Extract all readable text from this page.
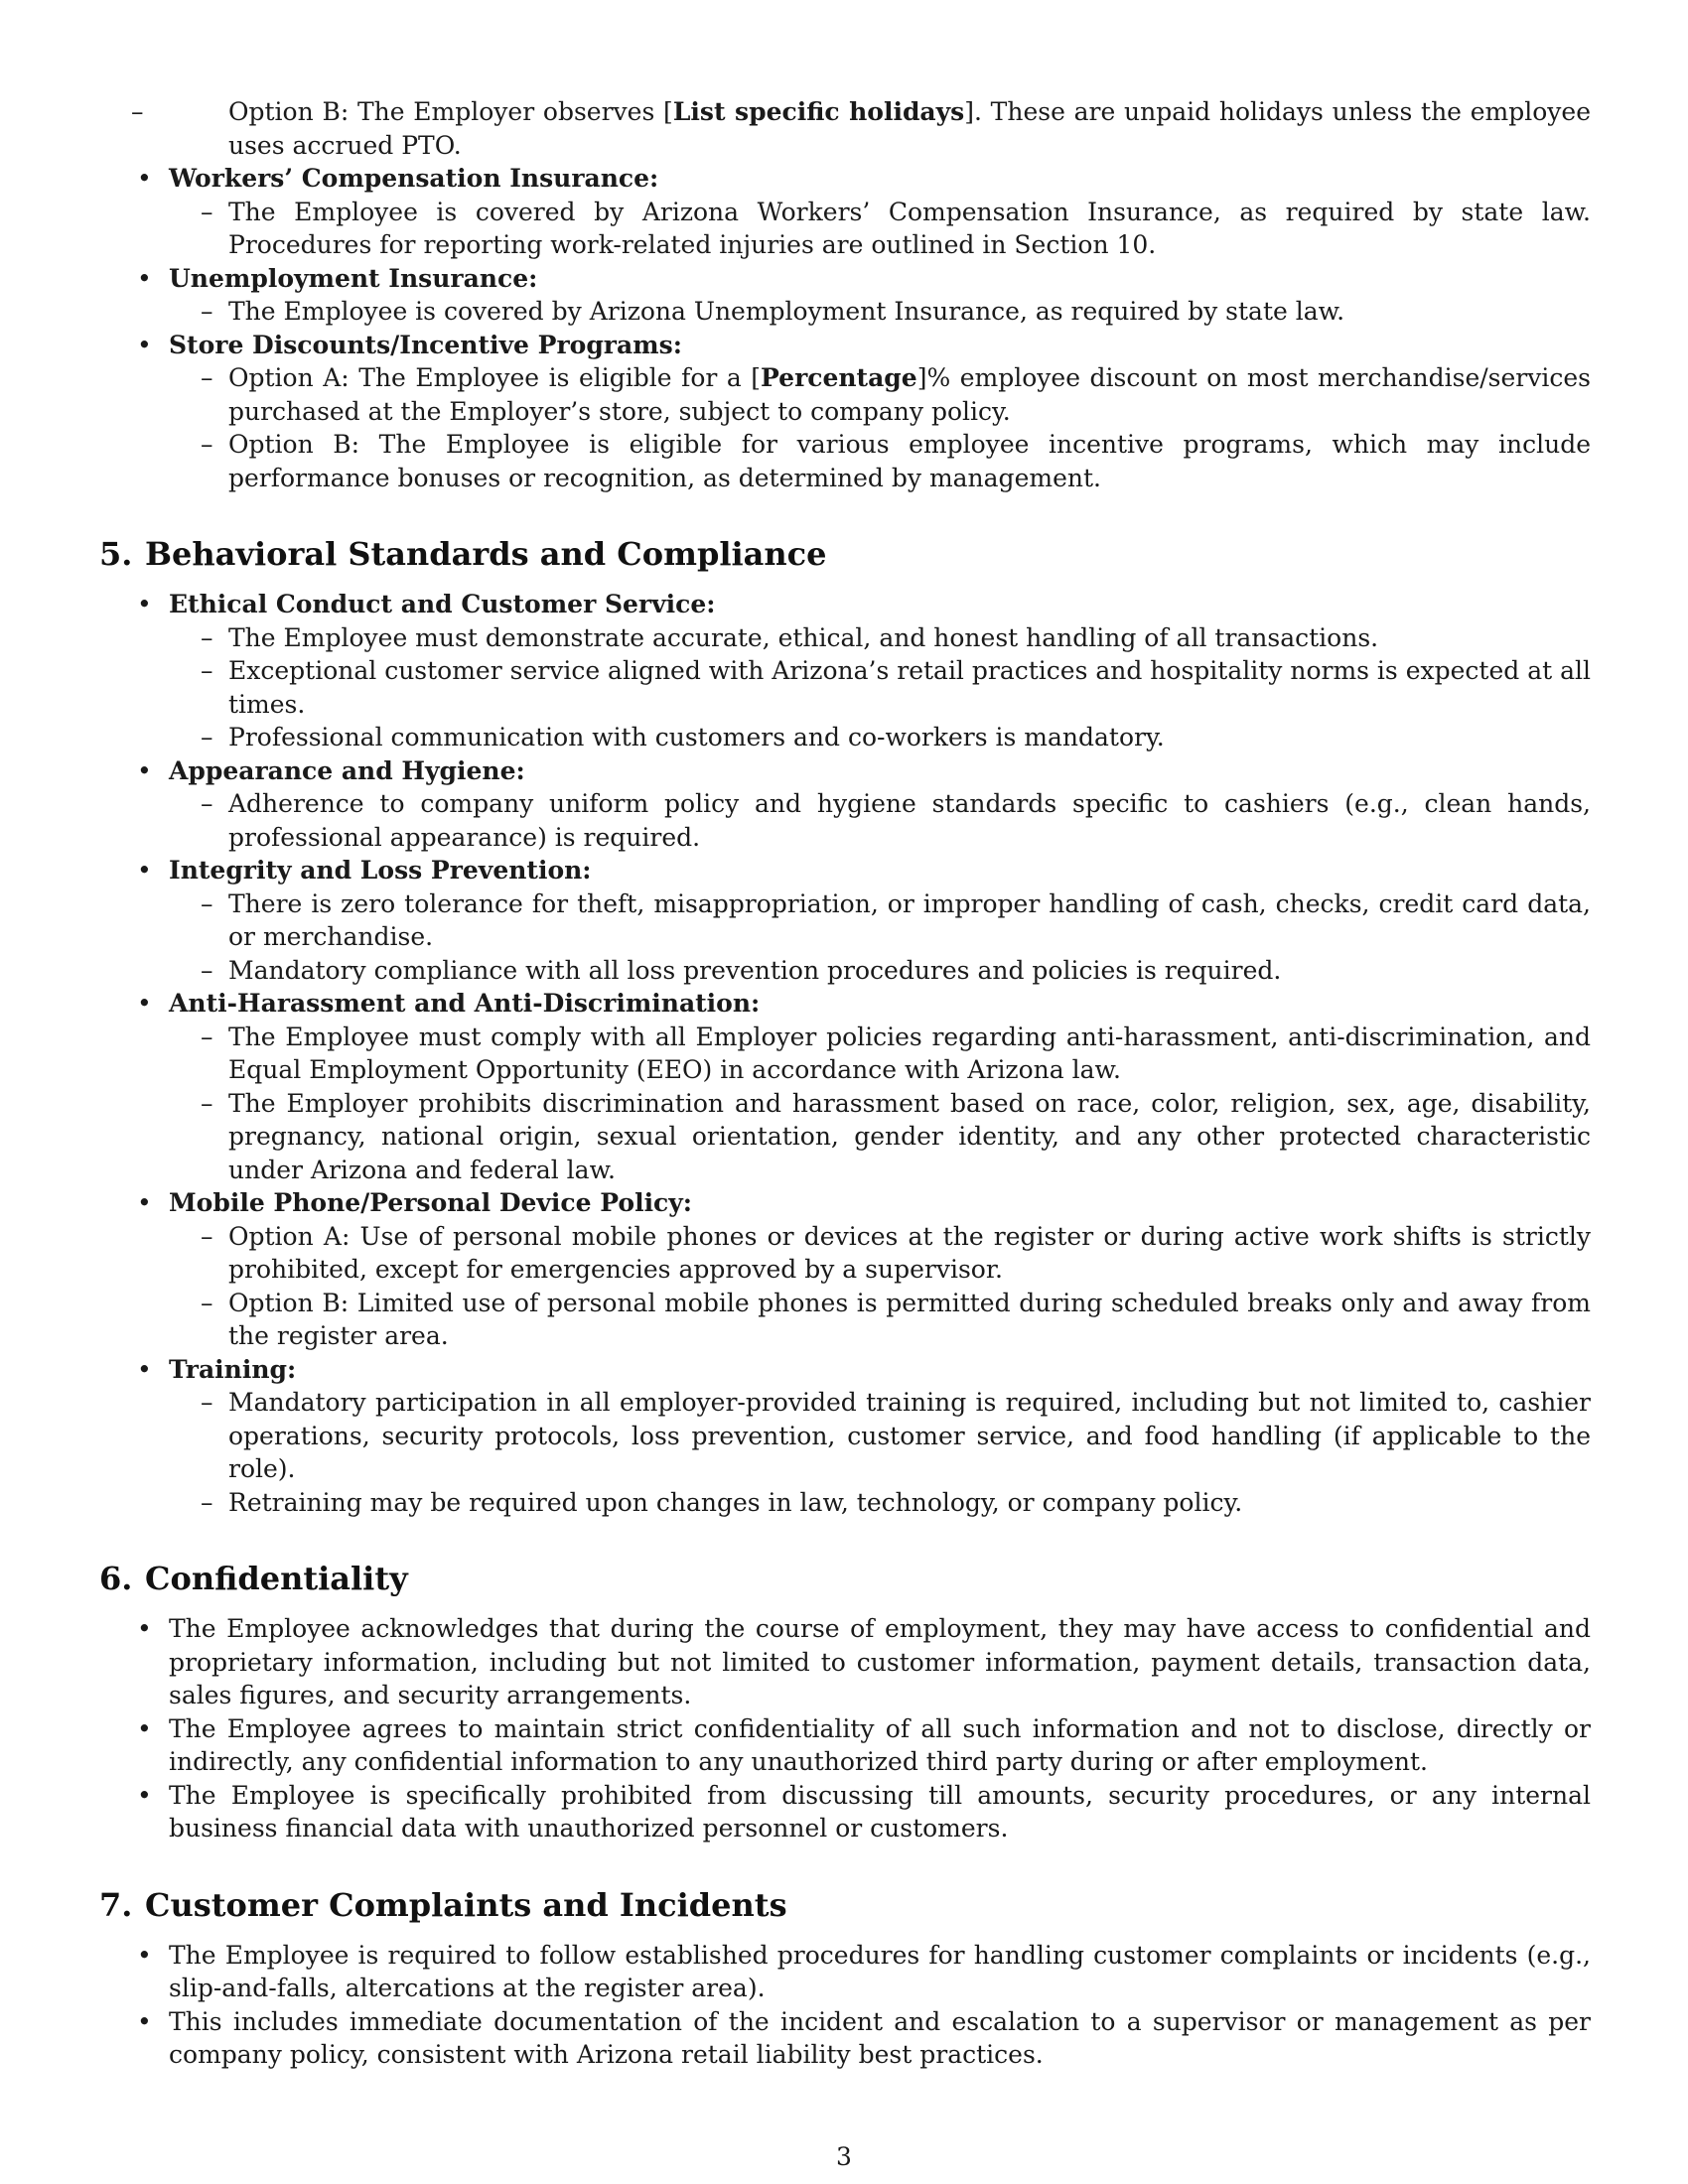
– Option B: The Employer observes [List specific holidays]. These are unpaid holidays unless the employee uses accrued PTO.
• Workers’ Compensation Insurance:
– The Employee is covered by Arizona Workers’ Compensation Insurance, as required by state law. Procedures for reporting work-related injuries are outlined in Section 10.
• Unemployment Insurance:
– The Employee is covered by Arizona Unemployment Insurance, as required by state law.
• Store Discounts/Incentive Programs:
– Option A: The Employee is eligible for a [Percentage]% employee discount on most merchandise/services purchased at the Employer’s store, subject to company policy.
– Option B: The Employee is eligible for various employee incentive programs, which may include performance bonuses or recognition, as determined by management.
5. Behavioral Standards and Compliance
• Ethical Conduct and Customer Service:
– The Employee must demonstrate accurate, ethical, and honest handling of all transactions.
– Exceptional customer service aligned with Arizona’s retail practices and hospitality norms is expected at all times.
– Professional communication with customers and co-workers is mandatory.
• Appearance and Hygiene:
– Adherence to company uniform policy and hygiene standards specific to cashiers (e.g., clean hands, professional appearance) is required.
• Integrity and Loss Prevention:
– There is zero tolerance for theft, misappropriation, or improper handling of cash, checks, credit card data, or merchandise.
– Mandatory compliance with all loss prevention procedures and policies is required.
• Anti-Harassment and Anti-Discrimination:
– The Employee must comply with all Employer policies regarding anti-harassment, anti-discrimination, and Equal Employment Opportunity (EEO) in accordance with Arizona law.
– The Employer prohibits discrimination and harassment based on race, color, religion, sex, age, disability, pregnancy, national origin, sexual orientation, gender identity, and any other protected characteristic under Arizona and federal law.
• Mobile Phone/Personal Device Policy:
– Option A: Use of personal mobile phones or devices at the register or during active work shifts is strictly prohibited, except for emergencies approved by a supervisor.
– Option B: Limited use of personal mobile phones is permitted during scheduled breaks only and away from the register area.
• Training:
– Mandatory participation in all employer-provided training is required, including but not limited to, cashier operations, security protocols, loss prevention, customer service, and food handling (if applicable to the role).
– Retraining may be required upon changes in law, technology, or company policy.
6. Confidentiality
• The Employee acknowledges that during the course of employment, they may have access to confidential and proprietary information, including but not limited to customer information, payment details, transaction data, sales figures, and security arrangements.
• The Employee agrees to maintain strict confidentiality of all such information and not to disclose, directly or indirectly, any confidential information to any unauthorized third party during or after employment.
• The Employee is specifically prohibited from discussing till amounts, security procedures, or any internal business financial data with unauthorized personnel or customers.
7. Customer Complaints and Incidents
• The Employee is required to follow established procedures for handling customer complaints or incidents (e.g., slip-and-falls, altercations at the register area).
• This includes immediate documentation of the incident and escalation to a supervisor or management as per company policy, consistent with Arizona retail liability best practices.
3
